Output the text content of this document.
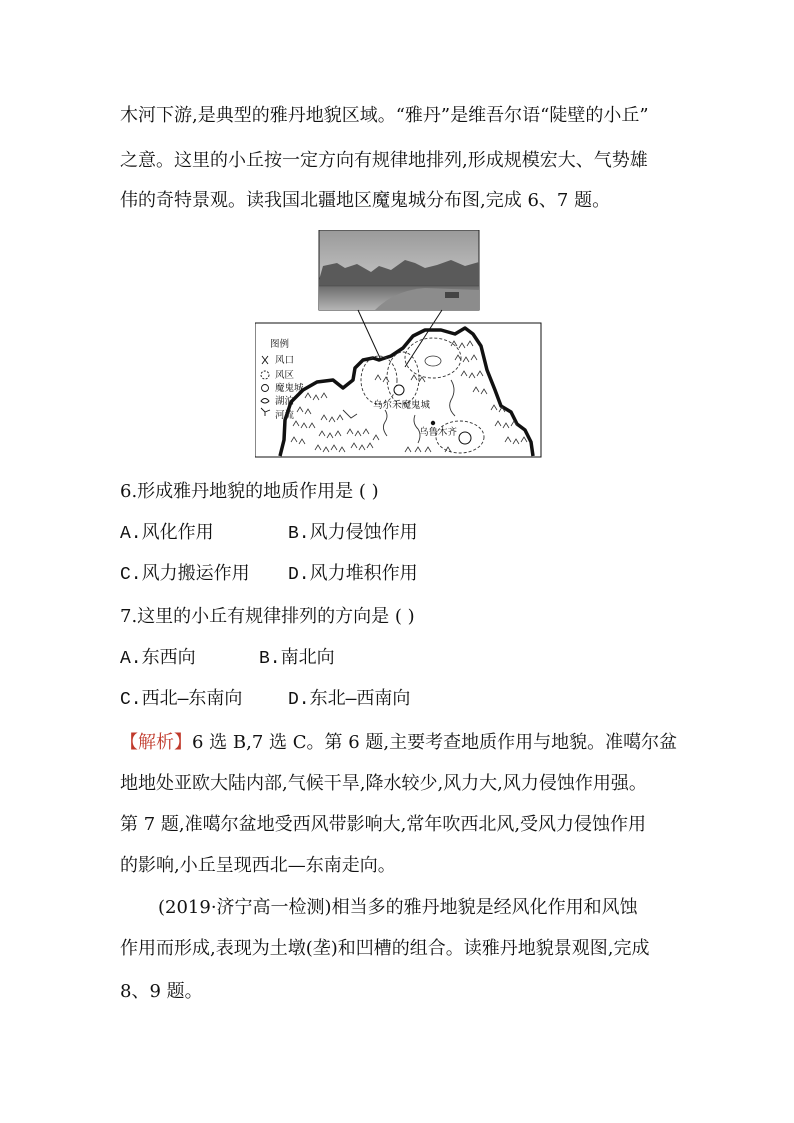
木河下游,是典型的雅丹地貌区域。“雅丹”是维吾尔语“陡壁的小丘”
之意。这里的小丘按一定方向有规律地排列,形成规模宏大、气势雄
伟的奇特景观。读我国北疆地区魔鬼城分布图,完成 6、7 题。
乌尔禾魔鬼城
乌鲁木齐
图例
风口
风区
魔鬼城
湖泊
河流
6.形成雅丹地貌的地质作用是 ( )
A.风化作用	B.风力侵蚀作用
C.风力搬运作用 D.风力堆积作用
7.这里的小丘有规律排列的方向是 ( )
A.东西向	B.南北向
C.西北—东南向	D.东北—西南向
【解析】6 选 B,7 选 C。第 6 题,主要考查地质作用与地貌。准噶尔盆
地地处亚欧大陆内部,气候干旱,降水较少,风力大,风力侵蚀作用强。
第 7 题,准噶尔盆地受西风带影响大,常年吹西北风,受风力侵蚀作用
的影响,小丘呈现西北—东南走向。
(2019·济宁高一检测)相当多的雅丹地貌是经风化作用和风蚀
作用而形成,表现为土墩(垄)和凹槽的组合。读雅丹地貌景观图,完成
8、9 题。
